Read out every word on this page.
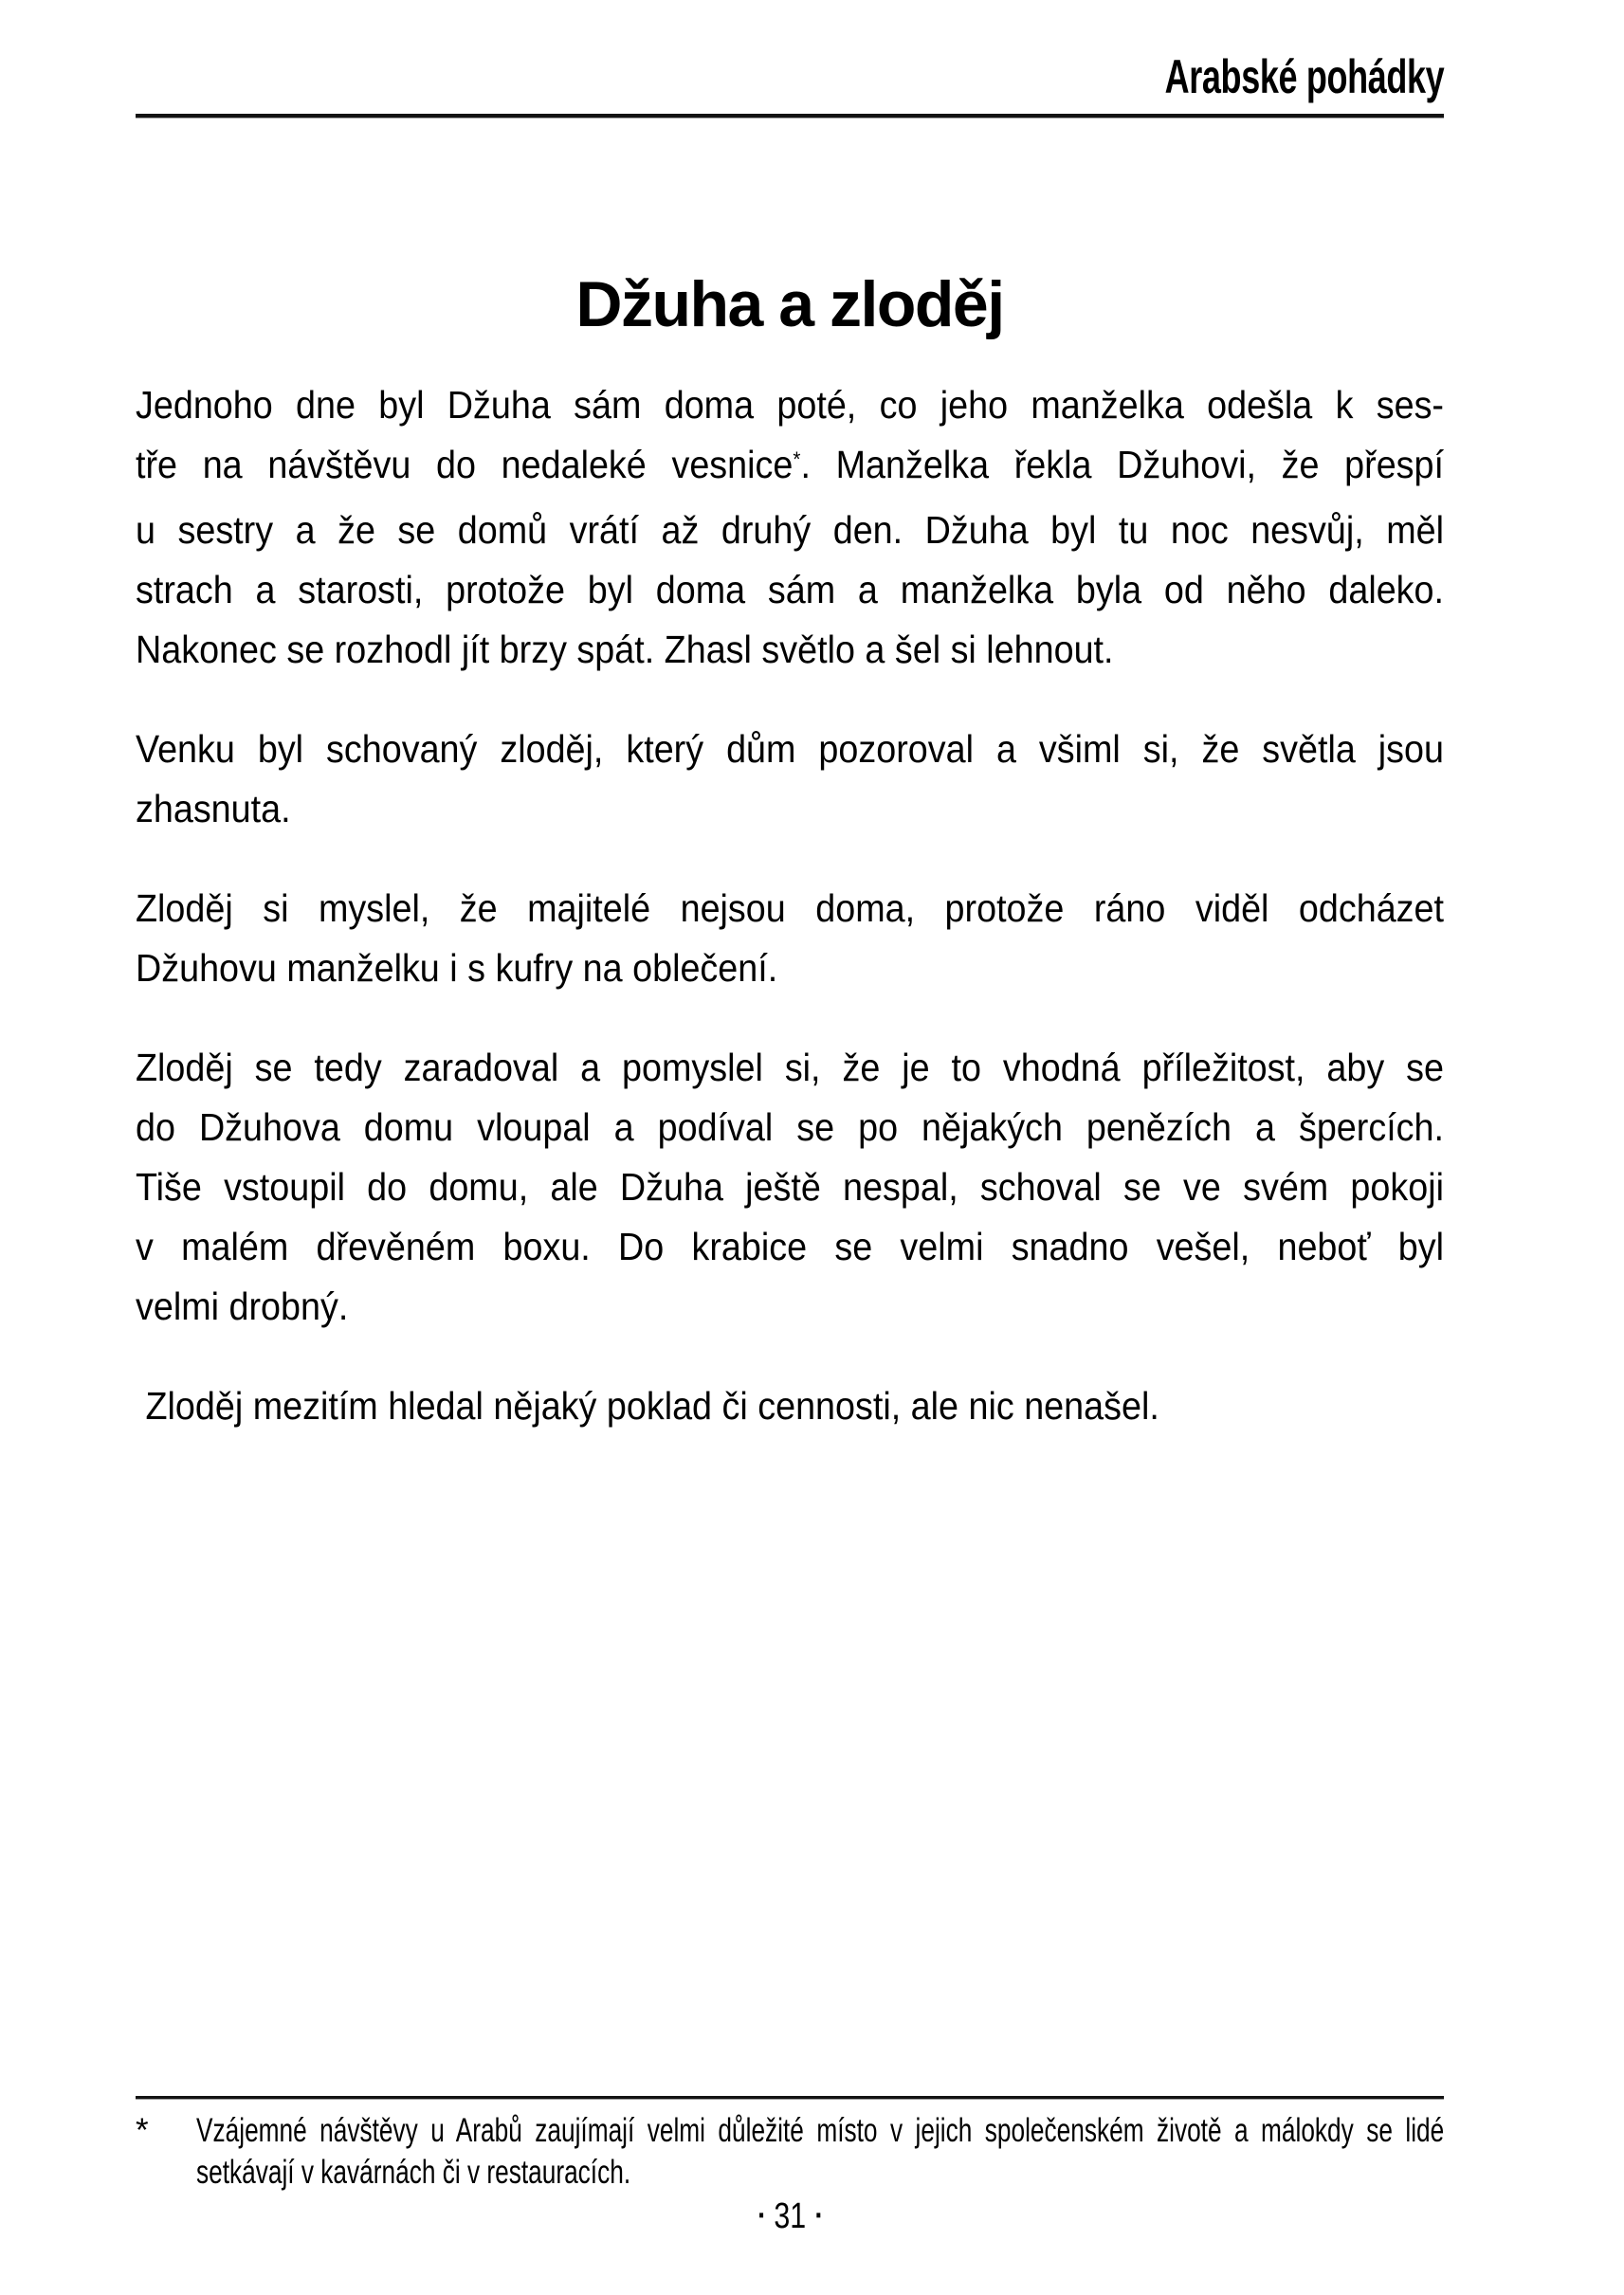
Arabské pohádky
Džuha a zloděj
Jednoho dne byl Džuha sám doma poté, co jeho manželka odešla k ses-
tře na návštěvu do nedaleké vesnice*. Manželka řekla Džuhovi, že přespí
u sestry a že se domů vrátí až druhý den. Džuha byl tu noc nesvůj, měl
strach a starosti, protože byl doma sám a manželka byla od něho daleko.
Nakonec se rozhodl jít brzy spát. Zhasl světlo a šel si lehnout.
Venku byl schovaný zloděj, který dům pozoroval a všiml si, že světla jsou
zhasnuta.
Zloděj si myslel, že majitelé nejsou doma, protože ráno viděl odcházet
Džuhovu manželku i s kufry na oblečení.
Zloděj se tedy zaradoval a pomyslel si, že je to vhodná příležitost, aby se
do Džuhova domu vloupal a podíval se po nějakých penězích a špercích.
Tiše vstoupil do domu, ale Džuha ještě nespal, schoval se ve svém pokoji
v malém dřevěném boxu. Do krabice se velmi snadno vešel, neboť byl
velmi drobný.
Zloděj mezitím hledal nějaký poklad či cennosti, ale nic nenašel.
* Vzájemné návštěvy u Arabů zaujímají velmi důležité místo v jejich společenském životě a málokdy se lidé
setkávají v kavárnách či v restauracích.
▪ 31 ▪
